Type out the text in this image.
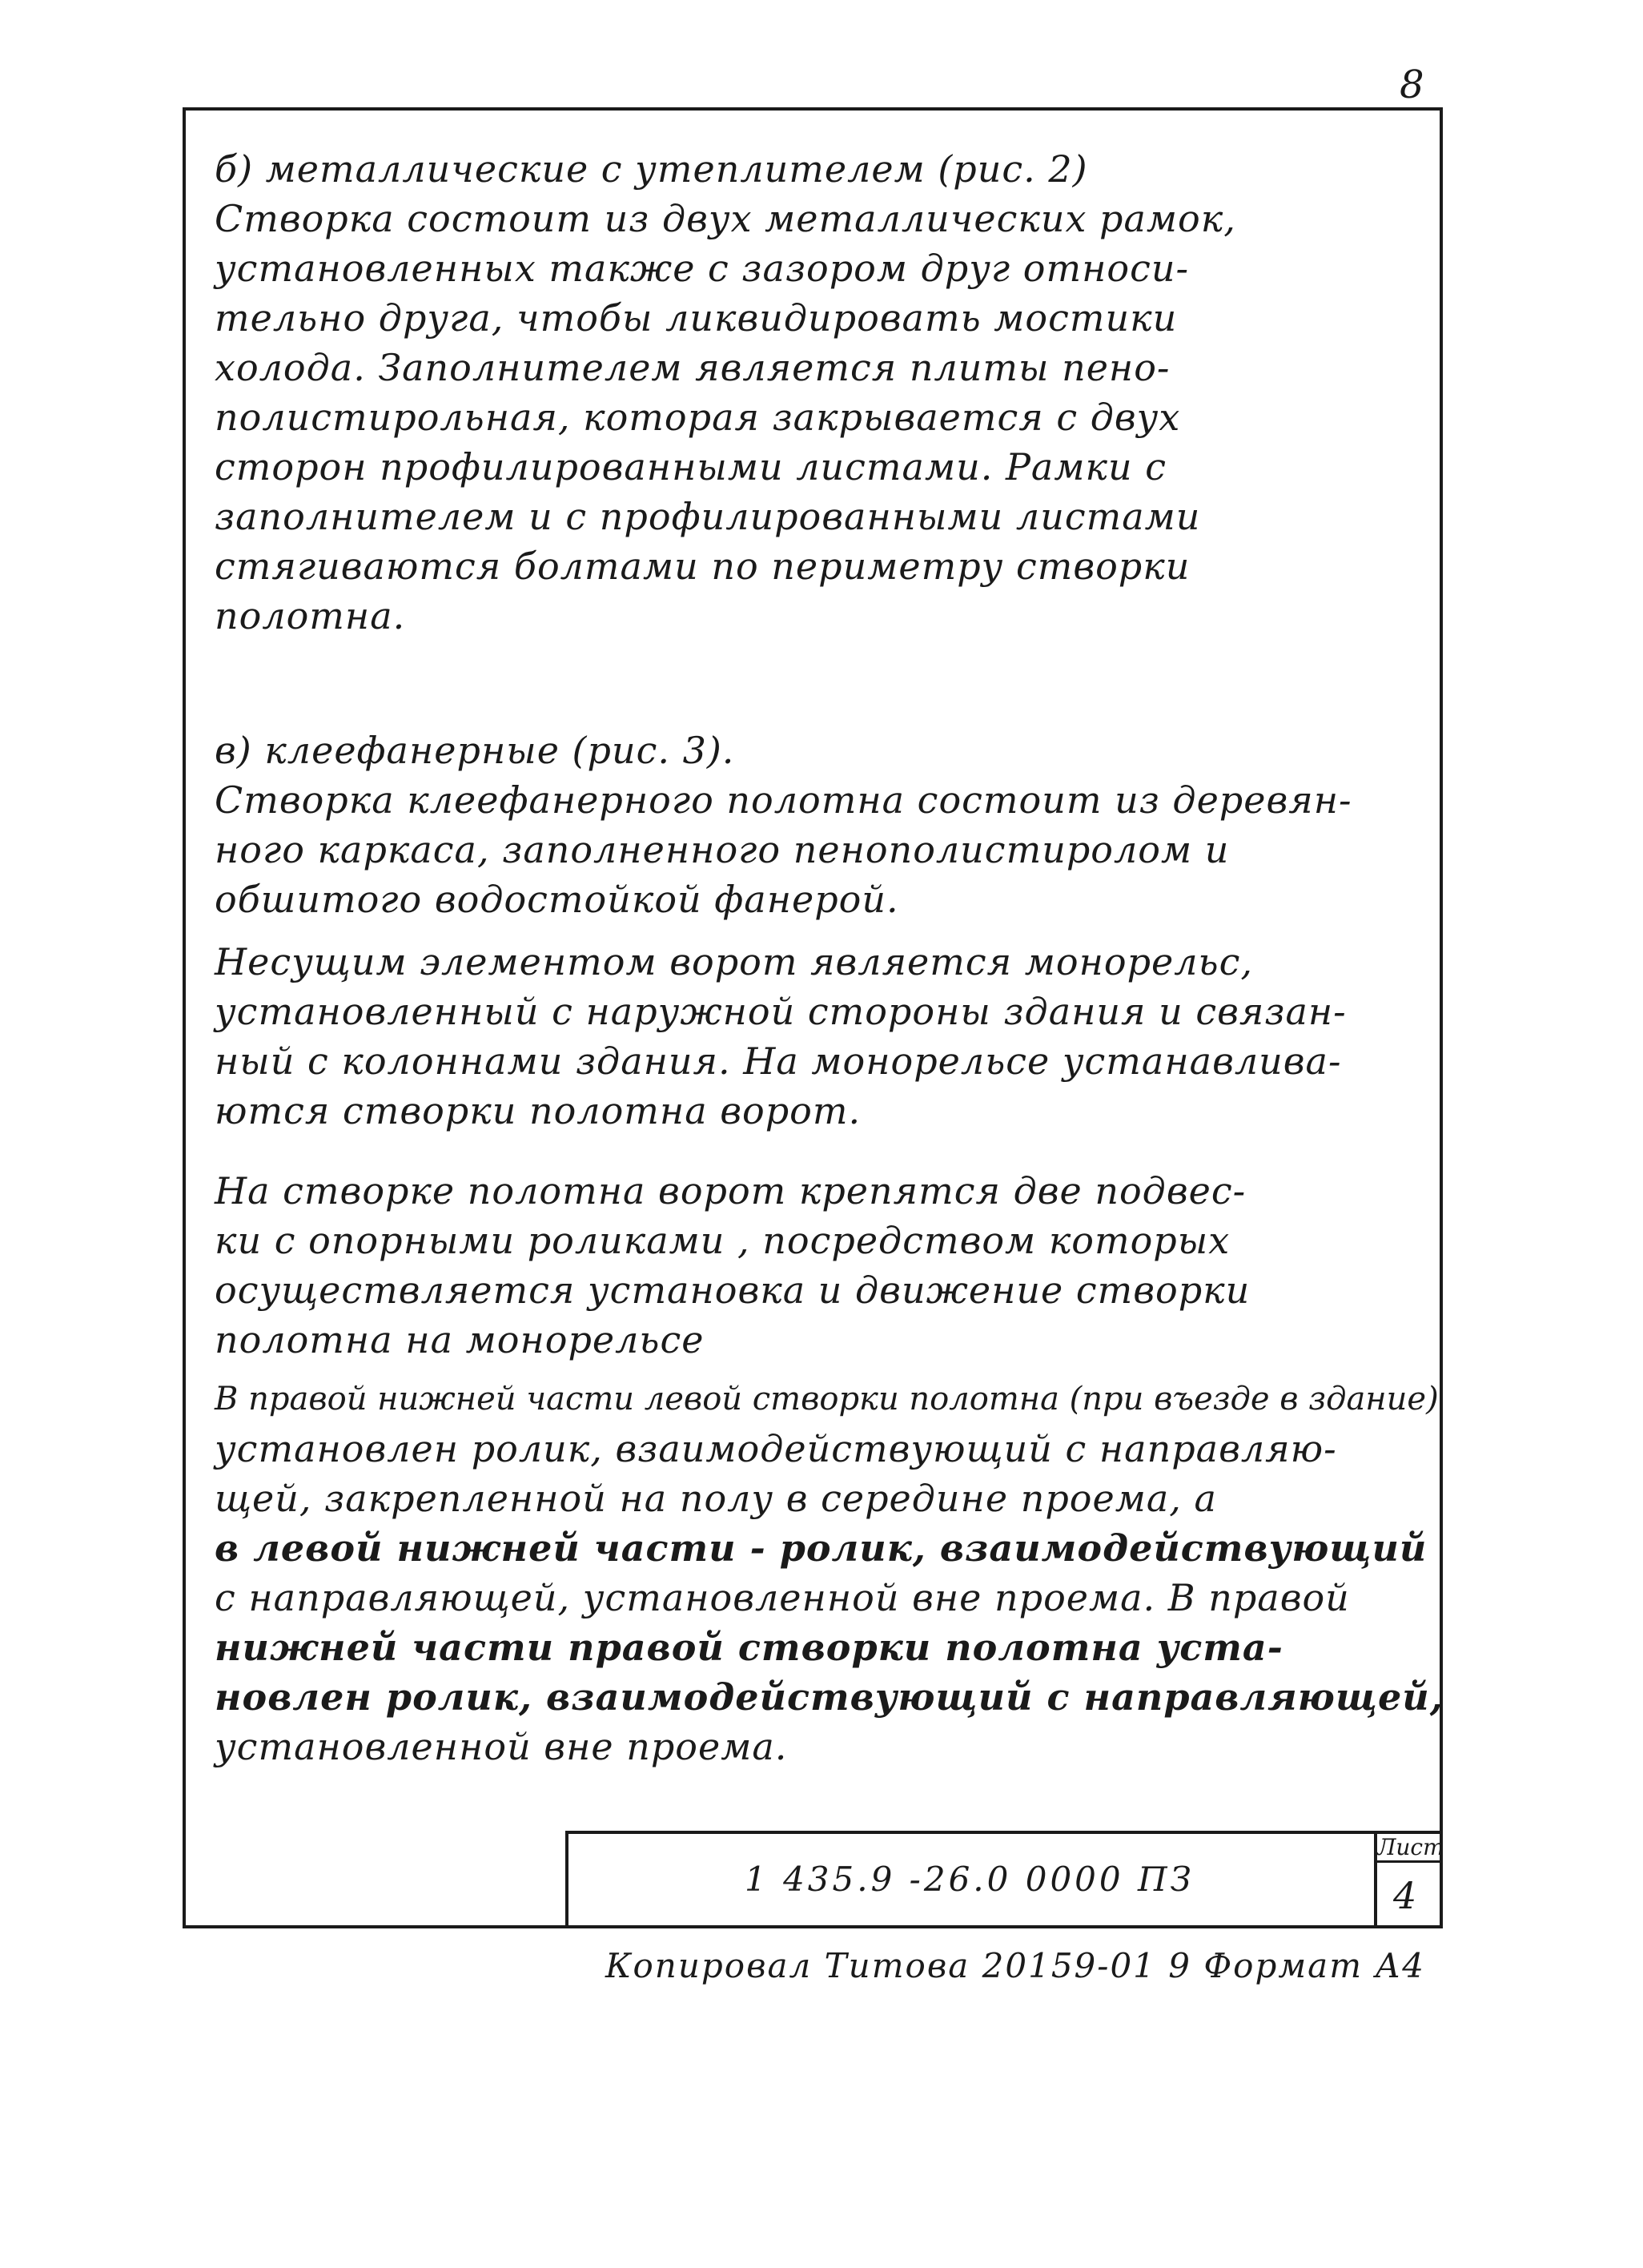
8
б) металлические с утеплителем (рис. 2)
Створка состоит из двух металлических рамок,
установленных также с зазором друг относи-
тельно друга, чтобы ликвидировать мостики
холода. Заполнителем является плиты пено-
полистирольная, которая закрывается с двух
сторон профилированными листами. Рамки с
заполнителем и с профилированными листами
стягиваются болтами по периметру створки
полотна.
в) клеефанерные (рис. 3).
Створка клеефанерного полотна состоит из деревян-
ного каркаса, заполненного пенополистиролом и
обшитого водостойкой фанерой.
Несущим элементом ворот является монорельс,
установленный с наружной стороны здания и связан-
ный с колоннами здания. На монорельсе устанавлива-
ются створки полотна ворот.
На створке полотна ворот крепятся две подвес-
ки с опорными роликами , посредством которых
осуществляется установка и движение створки
полотна на монорельсе
В правой нижней части левой створки полотна (при въезде в здание)
установлен ролик, взаимодействующий с направляю-
щей, закрепленной на полу в середине проема, а
в левой нижней части - ролик, взаимодействующий
с направляющей, установленной вне проема. В правой
нижней части правой створки полотна уста-
новлен ролик, взаимодействующий с направляющей,
установленной вне проема.
1 435.9 -26.0 0000 ПЗ
Лист
4
Копировал Титова 20159-01 9 Формат А4
